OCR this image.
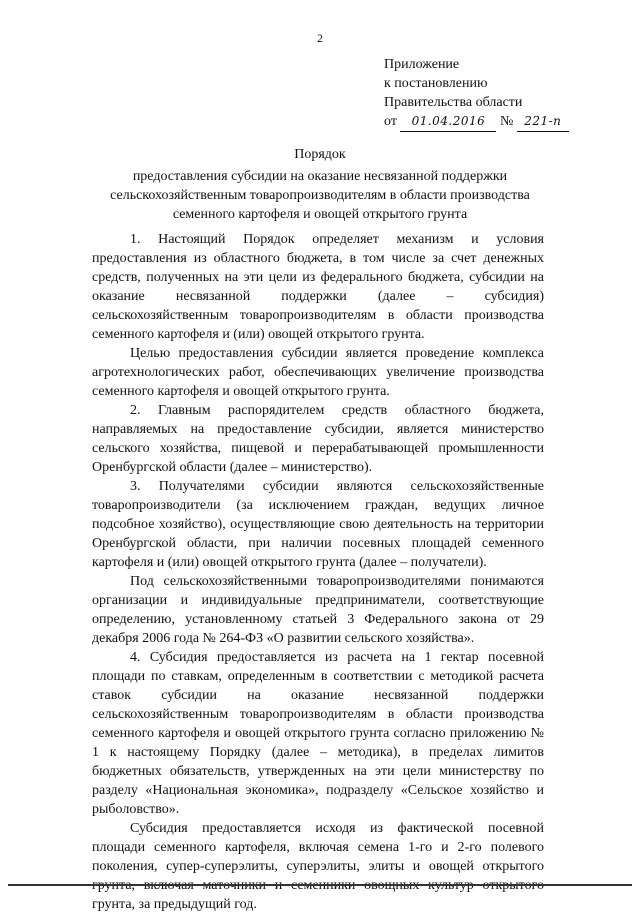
2
Приложение
к постановлению
Правительства области
от 01.04.2016 № 221-п
Порядок
предоставления субсидии на оказание несвязанной поддержки сельскохозяйственным товаропроизводителям в области производства семенного картофеля и овощей открытого грунта

1. Настоящий Порядок определяет механизм и условия предоставления из областного бюджета, в том числе за счет денежных средств, полученных на эти цели из федерального бюджета, субсидии на оказание несвязанной поддержки (далее – субсидия) сельскохозяйственным товаропроизводителям в области производства семенного картофеля и (или) овощей открытого грунта.

Целью предоставления субсидии является проведение комплекса агротехнологических работ, обеспечивающих увеличение производства семенного картофеля и овощей открытого грунта.

2. Главным распорядителем средств областного бюджета, направляемых на предоставление субсидии, является министерство сельского хозяйства, пищевой и перерабатывающей промышленности Оренбургской области (далее – министерство).

3. Получателями субсидии являются сельскохозяйственные товаропроизводители (за исключением граждан, ведущих личное подсобное хозяйство), осуществляющие свою деятельность на территории Оренбургской области, при наличии посевных площадей семенного картофеля и (или) овощей открытого грунта (далее – получатели).

Под сельскохозяйственными товаропроизводителями понимаются организации и индивидуальные предприниматели, соответствующие определению, установленному статьей 3 Федерального закона от 29 декабря 2006 года № 264-ФЗ «О развитии сельского хозяйства».

4. Субсидия предоставляется из расчета на 1 гектар посевной площади по ставкам, определенным в соответствии с методикой расчета ставок субсидии на оказание несвязанной поддержки сельскохозяйственным товаропроизводителям в области производства семенного картофеля и овощей открытого грунта согласно приложению № 1 к настоящему Порядку (далее – методика), в пределах лимитов бюджетных обязательств, утвержденных на эти цели министерству по разделу «Национальная экономика», подразделу «Сельское хозяйство и рыболовство».

Субсидия предоставляется исходя из фактической посевной площади семенного картофеля, включая семена 1-го и 2-го полевого поколения, супер-суперэлиты, суперэлиты, элиты и овощей открытого грунта, включая маточники и семенники овощных культур открытого грунта, за предыдущий год.
